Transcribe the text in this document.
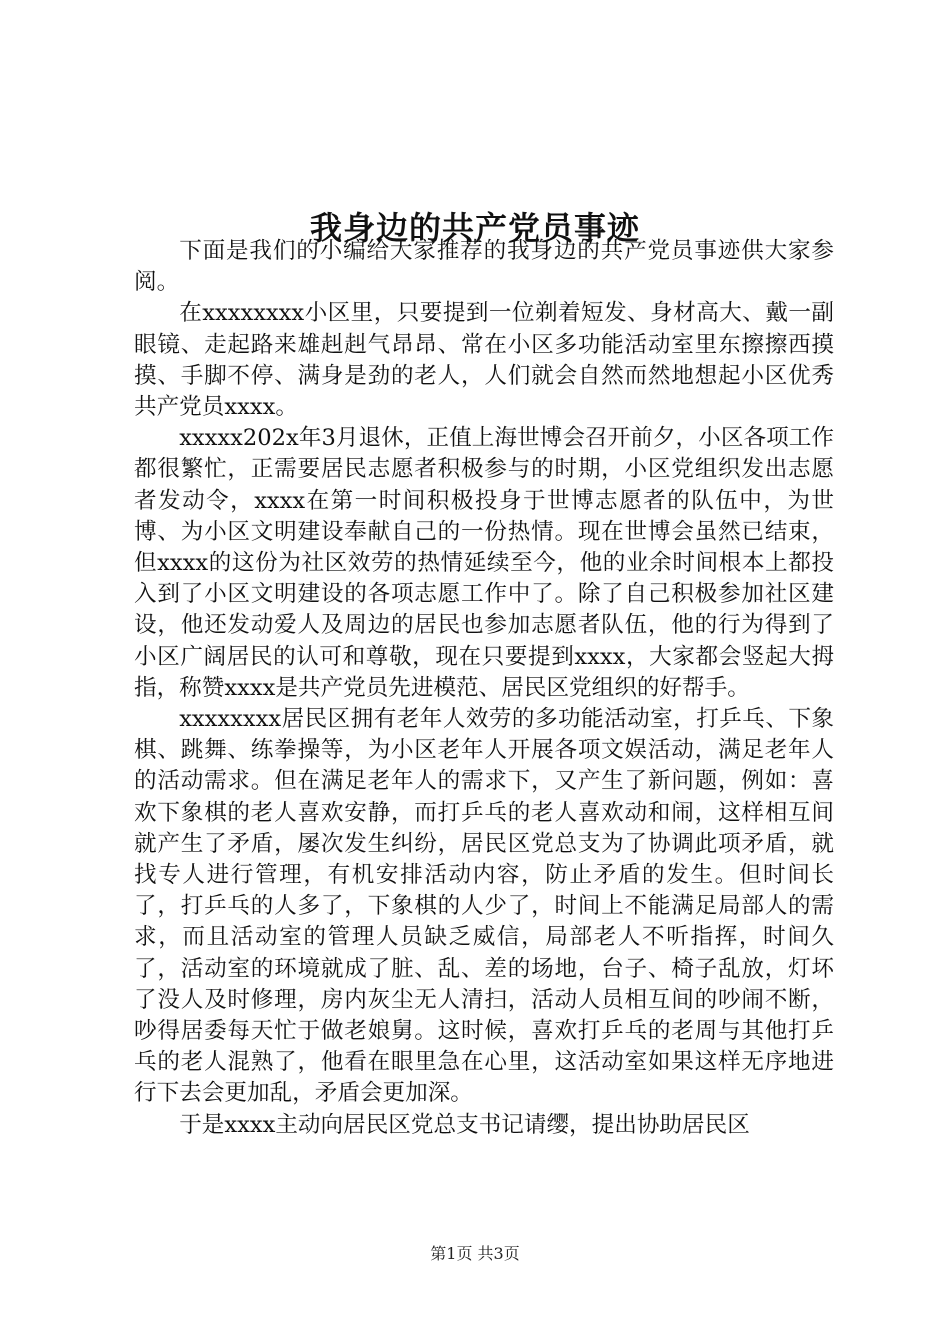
我身边的共产党员事迹

下面是我们的小编给大家推荐的我身边的共产党员事迹供大家参阅。

在xxxxxxxx小区里，只要提到一位剃着短发、身材高大、戴一副眼镜、走起路来雄赳赳气昂昂、常在小区多功能活动室里东擦擦西摸摸、手脚不停、满身是劲的老人，人们就会自然而然地想起小区优秀共产党员xxxx。

xxxxx202x年3月退休，正值上海世博会召开前夕，小区各项工作都很繁忙，正需要居民志愿者积极参与的时期，小区党组织发出志愿者发动令，xxxx在第一时间积极投身于世博志愿者的队伍中，为世博、为小区文明建设奉献自己的一份热情。现在世博会虽然已结束，但xxxx的这份为社区效劳的热情延续至今，他的业余时间根本上都投入到了小区文明建设的各项志愿工作中了。除了自己积极参加社区建设，他还发动爱人及周边的居民也参加志愿者队伍，他的行为得到了小区广阔居民的认可和尊敬，现在只要提到xxxx，大家都会竖起大拇指，称赞xxxx是共产党员先进模范、居民区党组织的好帮手。

xxxxxxxx居民区拥有老年人效劳的多功能活动室，打乒乓、下象棋、跳舞、练拳操等，为小区老年人开展各项文娱活动，满足老年人的活动需求。但在满足老年人的需求下，又产生了新问题，例如：喜欢下象棋的老人喜欢安静，而打乒乓的老人喜欢动和闹，这样相互间就产生了矛盾，屡次发生纠纷，居民区党总支为了协调此项矛盾，就找专人进行管理，有机安排活动内容，防止矛盾的发生。但时间长了，打乒乓的人多了，下象棋的人少了，时间上不能满足局部人的需求，而且活动室的管理人员缺乏威信，局部老人不听指挥，时间久了，活动室的环境就成了脏、乱、差的场地，台子、椅子乱放，灯坏了没人及时修理，房内灰尘无人清扫，活动人员相互间的吵闹不断，吵得居委每天忙于做老娘舅。这时候，喜欢打乒乓的老周与其他打乒乓的老人混熟了，他看在眼里急在心里，这活动室如果这样无序地进行下去会更加乱，矛盾会更加深。

于是xxxx主动向居民区党总支书记请缨，提出协助居民区

第1页 共3页
